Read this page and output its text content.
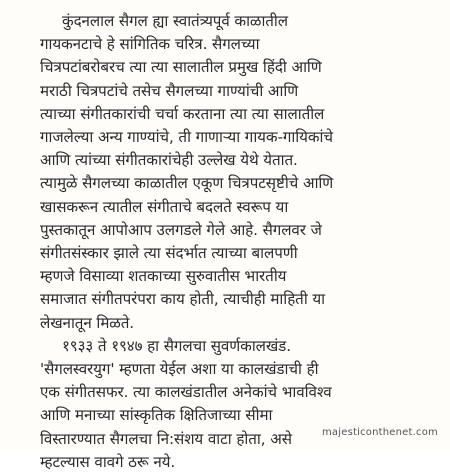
कुंदनलाल सैगल ह्या स्वातंत्र्यपूर्व काळातील
गायकनटाचे हे सांगितिक चरित्र. सैगलच्या
चित्रपटांबरोबरच त्या त्या सालातील प्रमुख हिंदी आणि
मराठी चित्रपटांचे तसेच सैगलच्या गाण्यांची आणि
त्याच्या संगीतकारांची चर्चा करताना त्या त्या सालातील
गाजलेल्या अन्य गाण्यांचे, ती गाणाऱ्या गायक-गायिकांचे
आणि त्यांच्या संगीतकारांचेही उल्लेख येथे येतात.
त्यामुळे सैगलच्या काळातील एकूण चित्रपटसृष्टीचे आणि
खासकरून त्यातील संगीताचे बदलते स्वरूप या
पुस्तकातून आपोआप उलगडले गेले आहे. सैगलवर जे
संगीतसंस्कार झाले त्या संदर्भात त्याच्या बालपणी
म्हणजे विसाव्या शतकाच्या सुरुवातीस भारतीय
समाजात संगीतपरंपरा काय होती, त्याचीही माहिती या
लेखनातून मिळते.

१९३३ ते १९४७ हा सैगलचा सुवर्णकालखंड.
'सैगलस्वरयुग' म्हणता येईल अशा या कालखंडाची ही
एक संगीतसफर. त्या कालखंडातील अनेकांचे भावविश्व
आणि मनाच्या सांस्कृतिक क्षितिजाच्या सीमा
विस्तारण्यात सैगलचा नि:संशय वाटा होता, असे
म्हटल्यास वावगे ठरू नये.

majesticonthenet.com
